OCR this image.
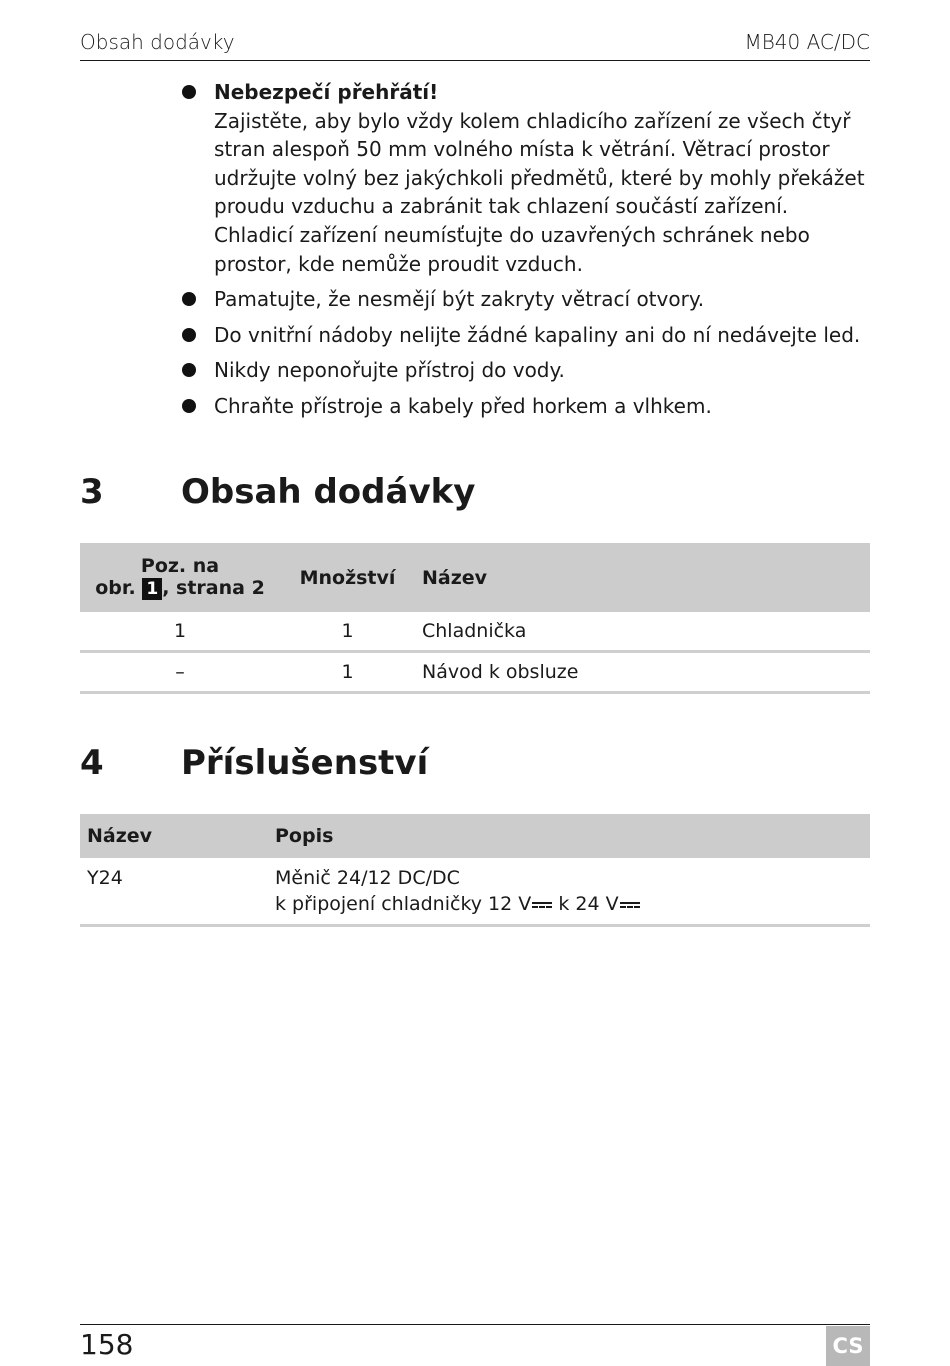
Obsah dodávky	MB40 AC/DC
Nebezpečí přehřátí!
Zajistěte, aby bylo vždy kolem chladicího zařízení ze všech čtyř stran alespoň 50 mm volného místa k větrání. Větrací prostor udržujte volný bez jakýchkoli předmětů, které by mohly překážet proudu vzduchu a zabránit tak chlazení součástí zařízení. Chladicí zařízení neumísťujte do uzavřených schránek nebo prostor, kde nemůže proudit vzduch.
Pamatujte, že nesmějí být zakryty větrací otvory.
Do vnitřní nádoby nelijte žádné kapaliny ani do ní nedávejte led.
Nikdy neponořujte přístroj do vody.
Chraňte přístroje a kabely před horkem a vlhkem.
3 Obsah dodávky
Poz. na
obr. 1 , strana 2	Množství	Název
1	1	Chladnička
–	1	Návod k obsluze
4 Příslušenství
Název	Popis
Y24	Měnič 24/12 DC/DC
k připojení chladničky 12 V
k 24 V
158	CS
